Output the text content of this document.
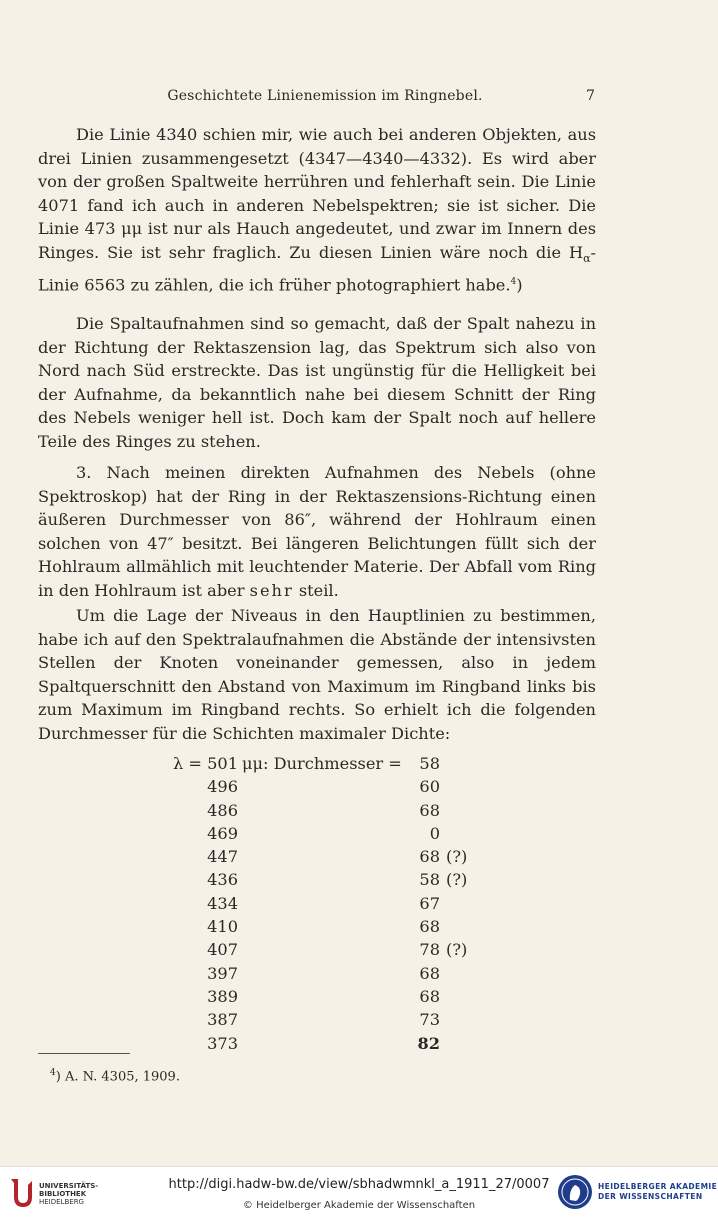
Geschichtete Linienemission im Ringnebel.	7

Die Linie 4340 schien mir, wie auch bei anderen Objekten, aus drei Linien zusammengesetzt (4347—4340—4332). Es wird aber von der großen Spaltweite herrühren und fehlerhaft sein. Die Linie 4071 fand ich auch in anderen Nebelspektren; sie ist sicher. Die Linie 473 μμ ist nur als Hauch angedeutet, und zwar im Innern des Ringes. Sie ist sehr fraglich. Zu diesen Linien wäre noch die $H_\alpha$-Linie 6563 zu zählen, die ich früher photographiert habe.$^4$)

Die Spaltaufnahmen sind so gemacht, daß der Spalt nahezu in der Richtung der Rektaszension lag, das Spektrum sich also von Nord nach Süd erstreckte. Das ist ungünstig für die Helligkeit bei der Aufnahme, da bekanntlich nahe bei diesem Schnitt der Ring des Nebels weniger hell ist. Doch kam der Spalt noch auf hellere Teile des Ringes zu stehen.

3. Nach meinen direkten Aufnahmen des Nebels (ohne Spektroskop) hat der Ring in der Rektaszensions-Richtung einen äußeren Durchmesser von 86″, während der Hohlraum einen solchen von 47″ besitzt. Bei längeren Belichtungen füllt sich der Hohlraum allmählich mit leuchtender Materie. Der Abfall vom Ring in den Hohlraum ist aber sehr steil.

Um die Lage der Niveaus in den Hauptlinien zu bestimmen, habe ich auf den Spektralaufnahmen die Abstände der intensivsten Stellen der Knoten voneinander gemessen, also in jedem Spaltquerschnitt den Abstand von Maximum im Ringband links bis zum Maximum im Ringband rechts. So erhielt ich die folgenden Durchmesser für die Schichten maximaler Dichte:

λ = 501 μμ: Durchmesser =	58
496	60
486	68
469	0
447	68 (?)
436	58 (?)
434	67
410	68
407	78 (?)
397	68
389	68
387	73
373	82
$^4$) A. N. 4305, 1909.
UNIVERSITÄTS-
BIBLIOTHEK
HEIDELBERG
http://digi.hadw-bw.de/view/sbhadwmnkl_a_1911_27/0007
© Heidelberger Akademie der Wissenschaften
HEIDELBERGER AKADEMIE
DER WISSENSCHAFTEN
